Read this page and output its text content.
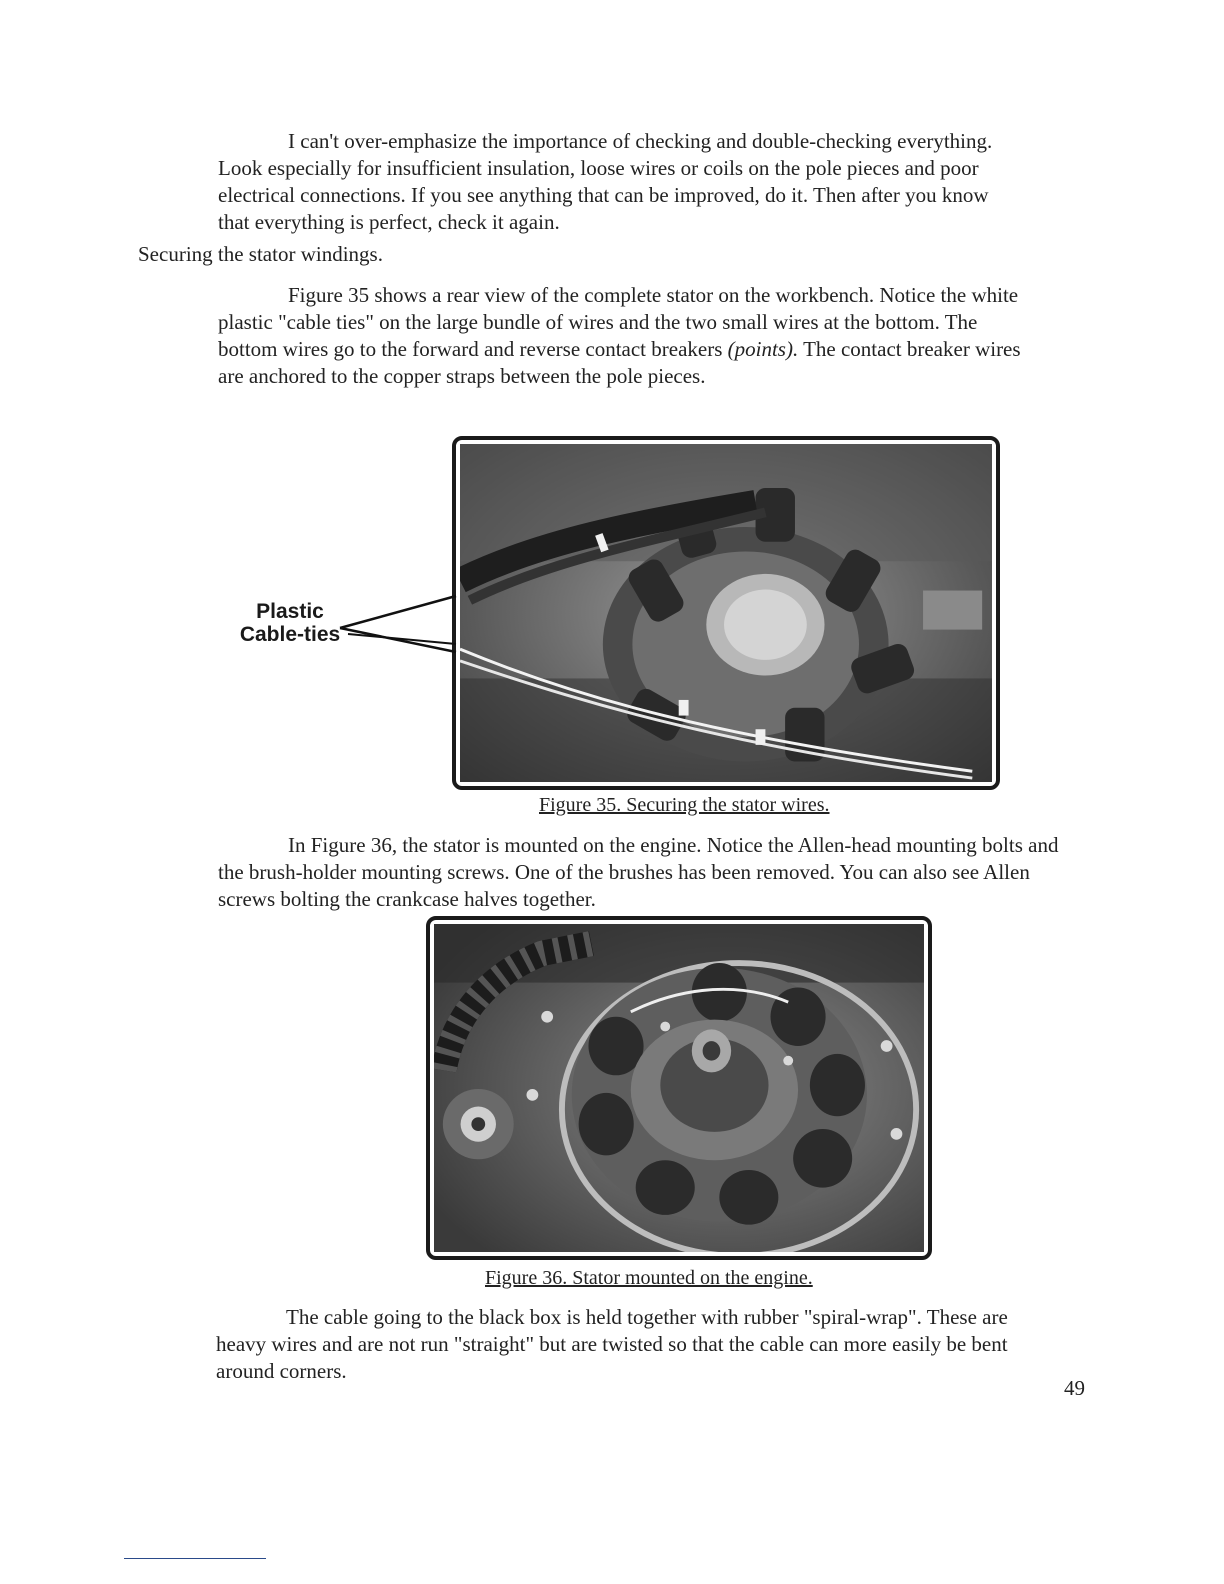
I can't over-emphasize the importance of checking and double-checking everything. Look especially for insufficient insulation, loose wires or coils on the pole pieces and poor electrical connections. If you see anything that can be improved, do it. Then after you know that everything is perfect, check it again.

Securing the stator windings.

Figure 35 shows a rear view of the complete stator on the workbench. Notice the white plastic "cable ties" on the large bundle of wires and the two small wires at the bottom. The bottom wires go to the forward and reverse contact breakers (points). The contact breaker wires are anchored to the copper straps between the pole pieces.

Plastic
Cable-ties

Figure 35. Securing the stator wires.

In Figure 36, the stator is mounted on the engine. Notice the Allen-head mounting bolts and the brush-holder mounting screws. One of the brushes has been removed. You can also see Allen screws bolting the crankcase halves together.

Figure 36. Stator mounted on the engine.

The cable going to the black box is held together with rubber "spiral-wrap". These are heavy wires and are not run "straight" but are twisted so that the cable can more easily be bent around corners.

49
